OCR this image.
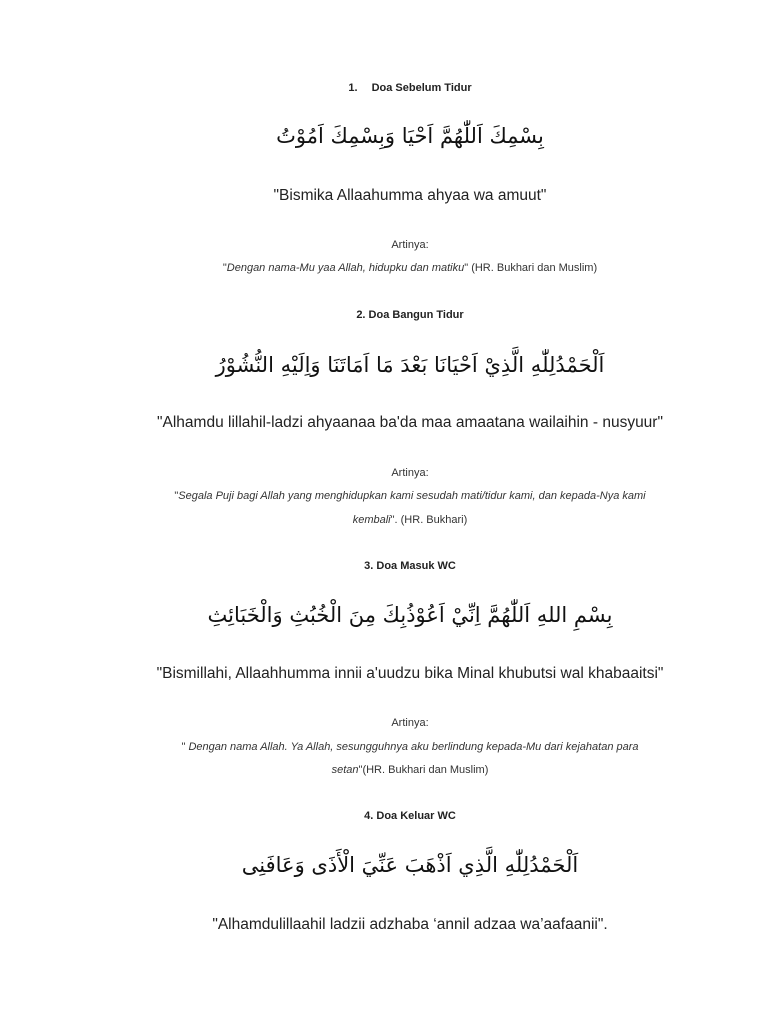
1. Doa Sebelum Tidur
بِسْمِكَ اَللّٰهُمَّ اَحْيَا وَبِسْمِكَ اَمُوْتُ
"Bismika Allaahumma ahyaa wa amuut"
Artinya:
"Dengan nama-Mu yaa Allah, hidupku dan matiku" (HR. Bukhari dan Muslim)
2. Doa Bangun Tidur
اَلْحَمْدُلِلّٰهِ الَّذِيْ اَحْيَانَا بَعْدَ مَا اَمَاتَنَا وَاِلَيْهِ النُّشُوْرُ
"Alhamdu lillahil-ladzi ahyaanaa ba'da maa amaatana wailaihin - nusyuur"
Artinya:
"Segala Puji bagi Allah yang menghidupkan kami sesudah mati/tidur kami, dan kepada-Nya kami
kembali". (HR. Bukhari)
3. Doa Masuk WC
بِسْمِ اللهِ اَللّٰهُمَّ اِنِّيْ اَعُوْذُبِكَ مِنَ الْخُبُثِ وَالْخَبَائِثِ
"Bismillahi, Allaahhumma innii a'uudzu bika Minal khubutsi wal khabaaitsi"
Artinya:
" Dengan nama Allah. Ya Allah, sesungguhnya aku berlindung kepada-Mu dari kejahatan para
setan"(HR. Bukhari dan Muslim)
4. Doa Keluar WC
اَلْحَمْدُلِلّٰهِ الَّذِي اَذْهَبَ عَنِّيَ الْأَذَى وَعَافَنِى
"Alhamdulillaahil ladzii adzhaba ‘annil adzaa wa’aafaanii".
